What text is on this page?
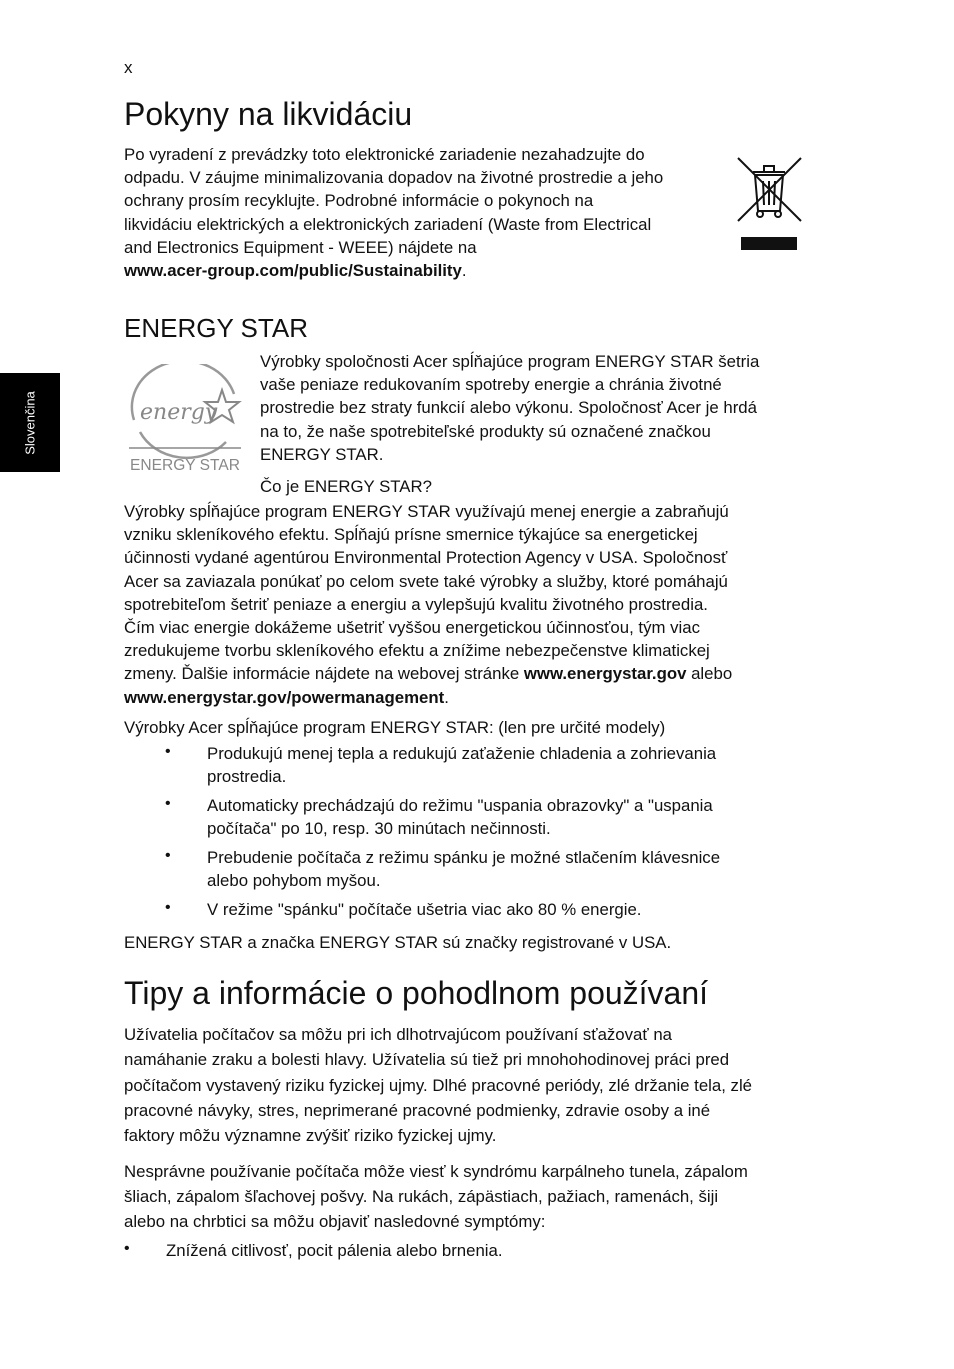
x
Slovenčina
Pokyny na likvidáciu
Po vyradení z prevádzky toto elektronické zariadenie nezahadzujte do
odpadu. V záujme minimalizovania dopadov na životné prostredie a jeho
ochrany prosím recyklujte. Podrobné informácie o pokynoch na
likvidáciu elektrických a elektronických zariadení (Waste from Electrical
and Electronics Equipment - WEEE) nájdete na
www.acer-group.com/public/Sustainability.
ENERGY STAR
energy
ENERGY STAR
Výrobky spoločnosti Acer spĺňajúce program ENERGY STAR šetria
vaše peniaze redukovaním spotreby energie a chránia životné
prostredie bez straty funkcií alebo výkonu. Spoločnosť Acer je hrdá
na to, že naše spotrebiteľské produkty sú označené značkou
ENERGY STAR.
Čo je ENERGY STAR?
Výrobky spĺňajúce program ENERGY STAR využívajú menej energie a zabraňujú
vzniku skleníkového efektu. Spĺňajú prísne smernice týkajúce sa energetickej
účinnosti vydané agentúrou Environmental Protection Agency v USA. Spoločnosť
Acer sa zaviazala ponúkať po celom svete také výrobky a služby, ktoré pomáhajú
spotrebiteľom šetriť peniaze a energiu a vylepšujú kvalitu životného prostredia.
Čím viac energie dokážeme ušetriť vyššou energetickou účinnosťou, tým viac
zredukujeme tvorbu skleníkového efektu a znížime nebezpečenstve klimatickej
zmeny. Ďalšie informácie nájdete na webovej stránke www.energystar.gov alebo
www.energystar.gov/powermanagement.
Výrobky Acer spĺňajúce program ENERGY STAR: (len pre určité modely)
• Produkujú menej tepla a redukujú zaťaženie chladenia a zohrievania
prostredia.
• Automaticky prechádzajú do režimu "uspania obrazovky" a "uspania
počítača" po 10, resp. 30 minútach nečinnosti.
• Prebudenie počítača z režimu spánku je možné stlačením klávesnice
alebo pohybom myšou.
• V režime "spánku" počítače ušetria viac ako 80 % energie.
ENERGY STAR a značka ENERGY STAR sú značky registrované v USA.
Tipy a informácie o pohodlnom používaní
Užívatelia počítačov sa môžu pri ich dlhotrvajúcom používaní sťažovať na
namáhanie zraku a bolesti hlavy. Užívatelia sú tiež pri mnohohodinovej práci pred
počítačom vystavený riziku fyzickej ujmy. Dlhé pracovné periódy, zlé držanie tela, zlé
pracovné návyky, stres, neprimerané pracovné podmienky, zdravie osoby a iné
faktory môžu významne zvýšiť riziko fyzickej ujmy.
Nesprávne používanie počítača môže viesť k syndrómu karpálneho tunela, zápalom
šliach, zápalom šľachovej pošvy. Na rukách, zápästiach, pažiach, ramenách, šiji
alebo na chrbtici sa môžu objaviť nasledovné symptómy:
• Znížená citlivosť, pocit pálenia alebo brnenia.
